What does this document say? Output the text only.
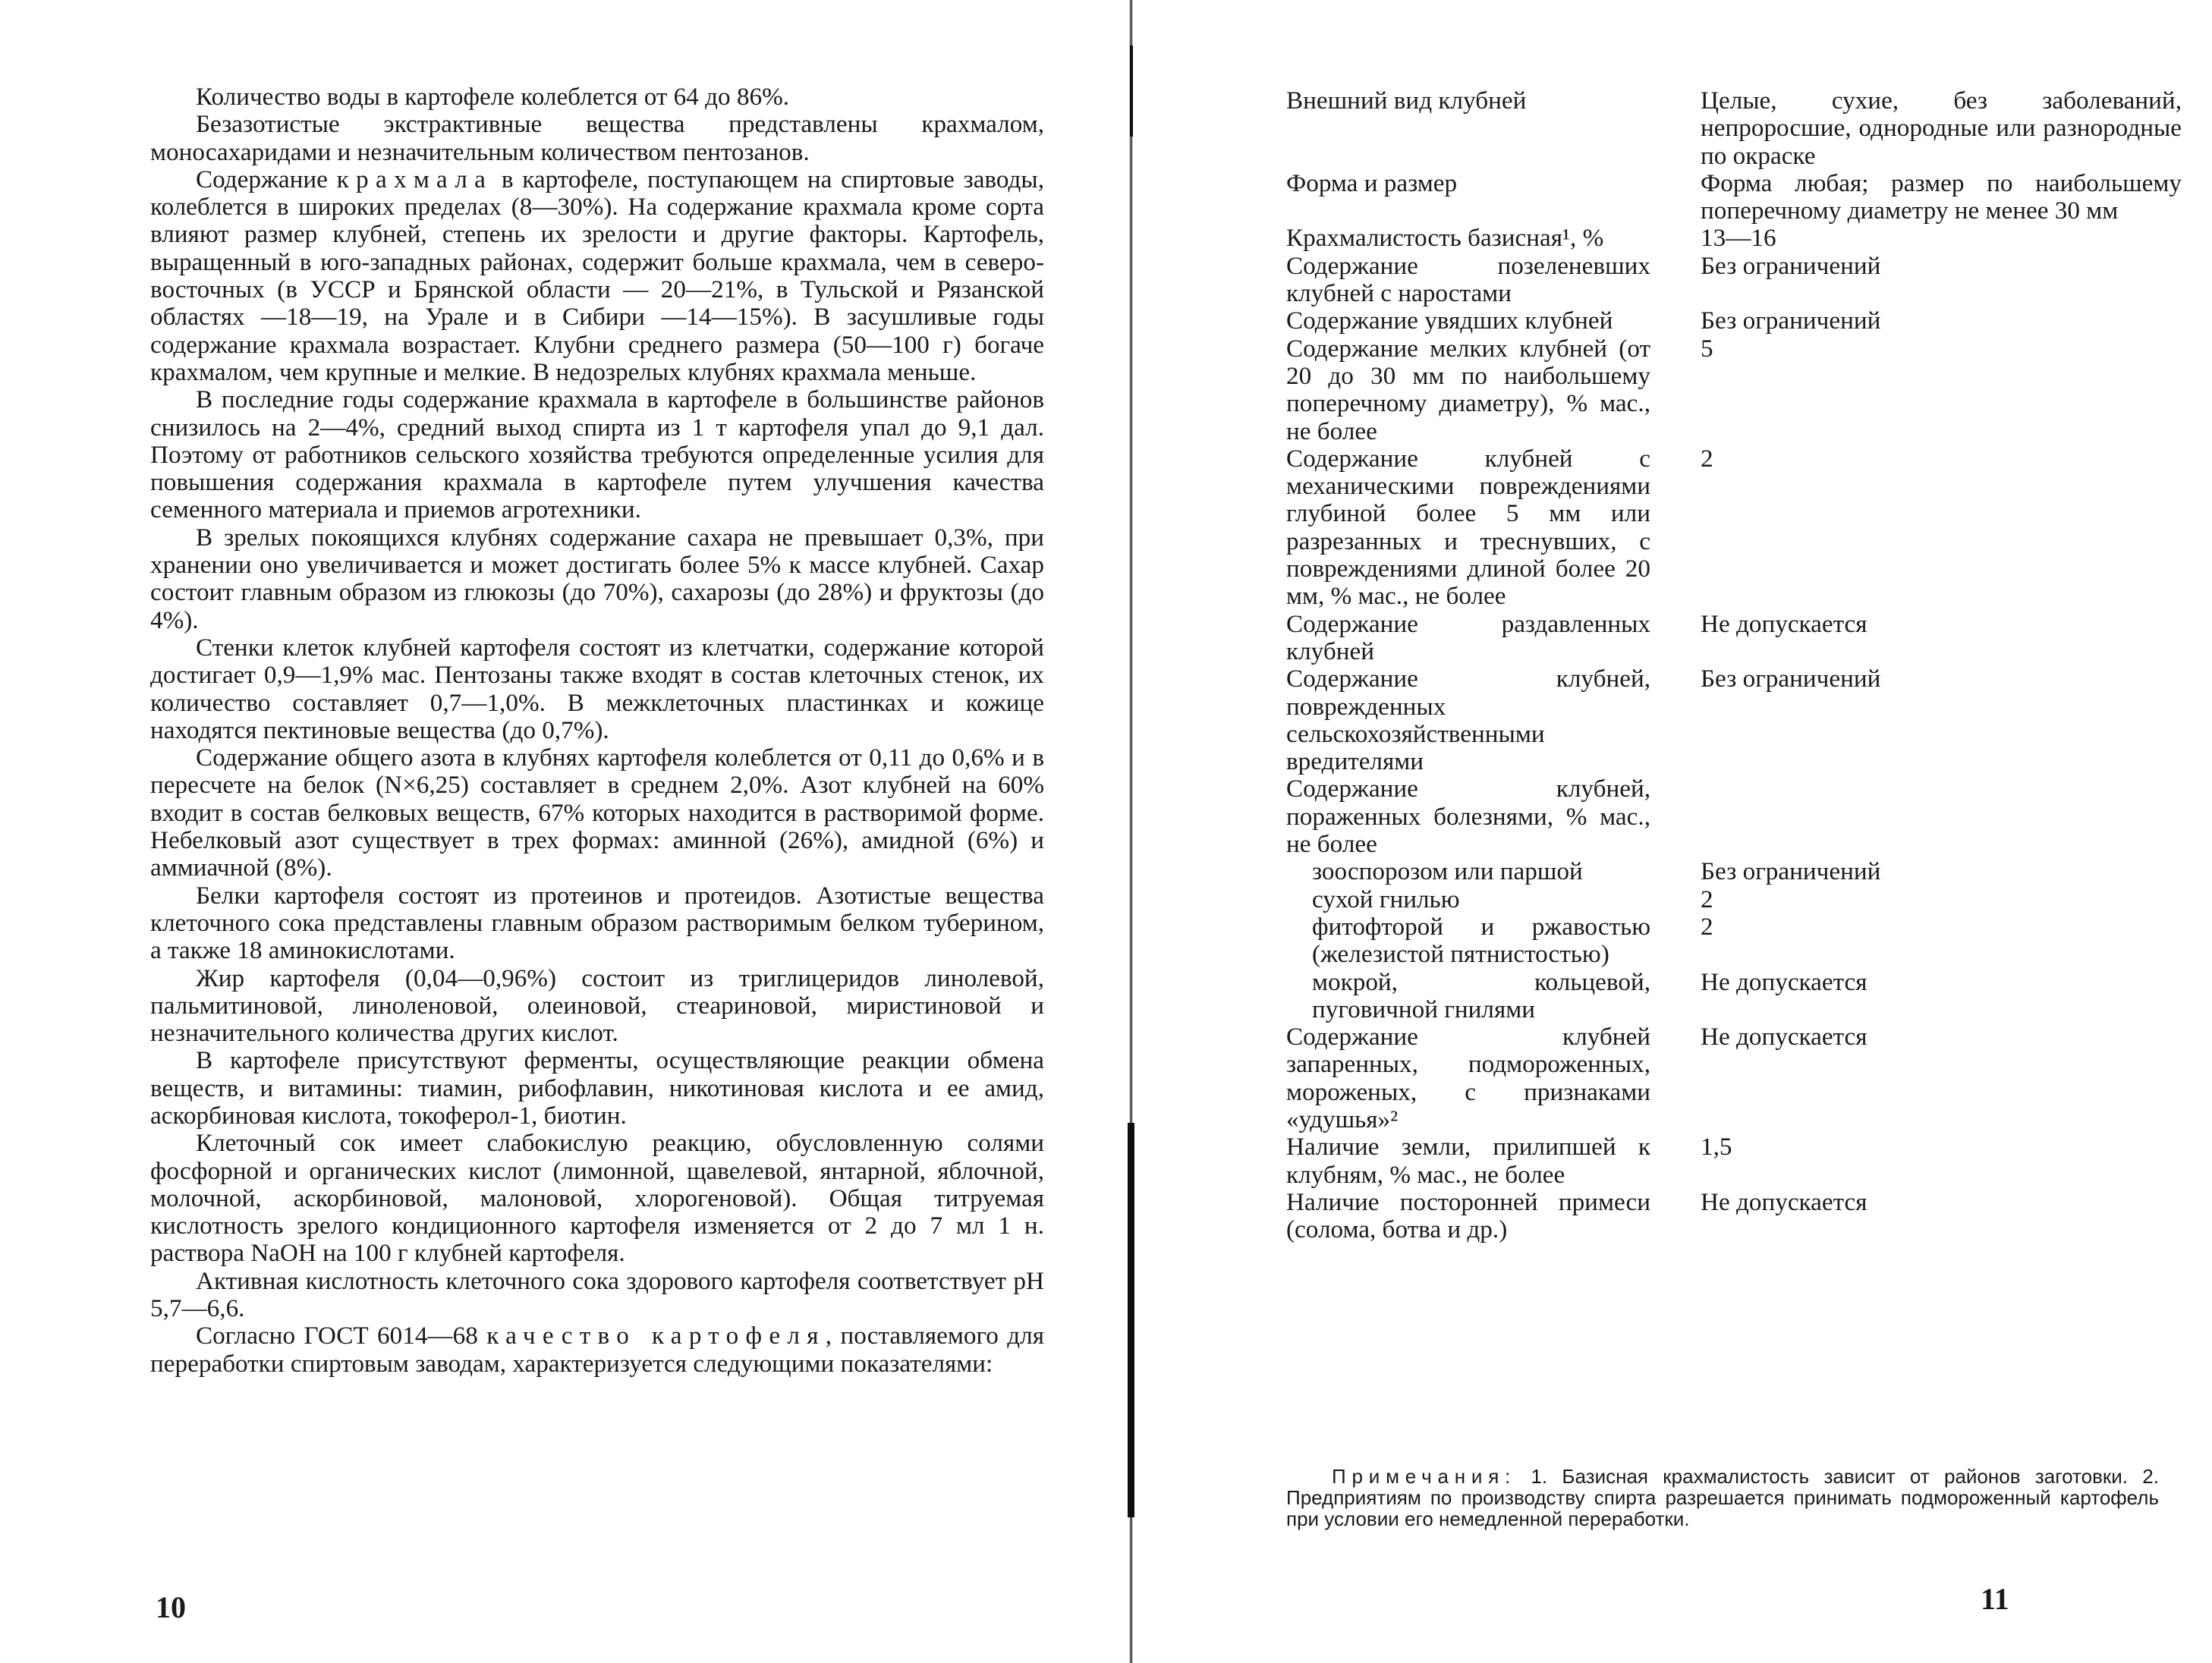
Количество воды в картофеле колеблется от 64 до 86%.

Безазотистые экстрактивные вещества представлены крахмалом, моносахаридами и незначительным количеством пентозанов.

Содержание крахмала в картофеле, поступающем на спиртовые заводы, колеблется в широких пределах (8—30%). На содержание крахмала кроме сорта влияют размер клубней, степень их зрелости и другие факторы. Картофель, выращенный в юго-западных районах, содержит больше крахмала, чем в северо-восточных (в УССР и Брянской области — 20—21%, в Тульской и Рязанской областях —18—19, на Урале и в Сибири —14—15%). В засушливые годы содержание крахмала возрастает. Клубни среднего размера (50—100 г) богаче крахмалом, чем крупные и мелкие. В недозрелых клубнях крахмала меньше.

В последние годы содержание крахмала в картофеле в большинстве районов снизилось на 2—4%, средний выход спирта из 1 т картофеля упал до 9,1 дал. Поэтому от работников сельского хозяйства требуются определенные усилия для повышения содержания крахмала в картофеле путем улучшения качества семенного материала и приемов агротехники.

В зрелых покоящихся клубнях содержание сахара не превышает 0,3%, при хранении оно увеличивается и может достигать более 5% к массе клубней. Сахар состоит главным образом из глюкозы (до 70%), сахарозы (до 28%) и фруктозы (до 4%).

Стенки клеток клубней картофеля состоят из клетчатки, содержание которой достигает 0,9—1,9% мас. Пентозаны также входят в состав клеточных стенок, их количество составляет 0,7—1,0%. В межклеточных пластинках и кожице находятся пектиновые вещества (до 0,7%).

Содержание общего азота в клубнях картофеля колеблется от 0,11 до 0,6% и в пересчете на белок (N×6,25) составляет в среднем 2,0%. Азот клубней на 60% входит в состав белковых веществ, 67% которых находится в растворимой форме. Небелковый азот существует в трех формах: аминной (26%), амидной (6%) и аммиачной (8%).

Белки картофеля состоят из протеинов и протеидов. Азотистые вещества клеточного сока представлены главным образом растворимым белком туберином, а также 18 аминокислотами.

Жир картофеля (0,04—0,96%) состоит из триглицеридов линолевой, пальмитиновой, линоленовой, олеиновой, стеариновой, миристиновой и незначительного количества других кислот.

В картофеле присутствуют ферменты, осуществляющие реакции обмена веществ, и витамины: тиамин, рибофлавин, никотиновая кислота и ее амид, аскорбиновая кислота, токоферол-1, биотин.

Клеточный сок имеет слабокислую реакцию, обусловленную солями фосфорной и органических кислот (лимонной, щавелевой, янтарной, яблочной, молочной, аскорбиновой, малоновой, хлорогеновой). Общая титруемая кислотность зрелого кондиционного картофеля изменяется от 2 до 7 мл 1 н. раствора NaOH на 100 г клубней картофеля.

Активная кислотность клеточного сока здорового картофеля соответствует pH 5,7—6,6.

Согласно ГОСТ 6014—68 качество картофеля, поставляемого для переработки спиртовым заводам, характеризуется следующими показателями:

10
Внешний вид клубней	Целые, сухие, без заболеваний, непроросшие, однородные или разнородные по окраске
Форма и размер	Форма любая; размер по наибольшему поперечному диаметру не менее 30 мм
Крахмалистость базисная¹, %	13—16
Содержание позеленевших клубней с наростами	Без ограничений
Содержание увядших клубней	Без ограничений
Содержание мелких клубней (от 20 до 30 мм по наибольшему поперечному диаметру), % мас., не более	5
Содержание клубней с механическими повреждениями глубиной более 5 мм или разрезанных и треснувших, с повреждениями длиной более 20 мм, % мас., не более	2
Содержание раздавленных клубней	Не допускается
Содержание клубней, поврежденных сельскохозяйственными вредителями	Без ограничений
Содержание клубней, пораженных болезнями, % мас., не более	
зооспорозом или паршой	Без ограничений
сухой гнилью	2
фитофторой и ржавостью (железистой пятнистостью)	2
мокрой, кольцевой, пуговичной гнилями	Не допускается
Содержание клубней запаренных, подмороженных, мороженых, с признаками «удушья»²	Не допускается
Наличие земли, прилипшей к клубням, % мас., не более	1,5
Наличие посторонней примеси (солома, ботва и др.)	Не допускается
Примечания: 1. Базисная крахмалистость зависит от районов заготовки. 2. Предприятиям по производству спирта разрешается принимать подмороженный картофель при условии его немедленной переработки.
11
